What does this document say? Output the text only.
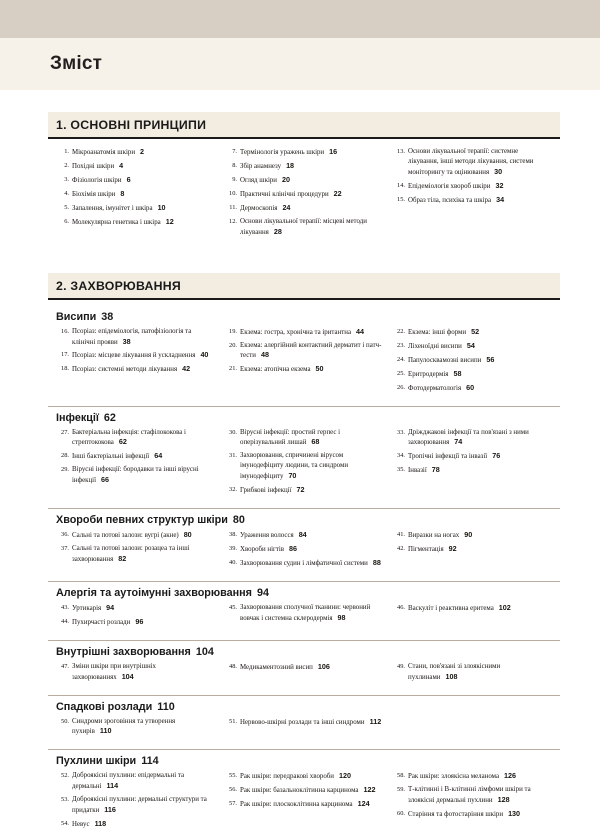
Зміст
1. ОСНОВНІ ПРИНЦИПИ
1. Мікроанатомія шкіри 2
2. Похідні шкіри 4
3. Фізіологія шкіри 6
4. Біохімія шкіри 8
5. Запалення, імунітет і шкіра 10
6. Молекулярна генетика і шкіра 12
7. Термінологія уражень шкіри 16
8. Збір анамнезу 18
9. Огляд шкіри 20
10. Практичні клінічні процедури 22
11. Дермоскопія 24
12. Основи лікувальної терапії: місцеві методи лікування 28
13. Основи лікувальної терапії: системне лікування, інші методи лікування, системи моніторингу та оцінювання 30
14. Епідеміологія хвороб шкіри 32
15. Образ тіла, психіка та шкіра 34
2. ЗАХВОРЮВАННЯ
Висипи 38
16. Псоріаз: епідеміологія, патофізіологія та клінічні прояви 38
17. Псоріаз: місцеве лікування й ускладнення 40
18. Псоріаз: системні методи лікування 42
19. Екзема: гостра, хронічна та іритантна 44
20. Екзема: алергійний контактний дерматит і патч-тести 48
21. Екзема: атопічна екзема 50
22. Екзема: інші форми 52
23. Ліхеноїдні висипи 54
24. Папулосквамозні висипи 56
25. Еритродермія 58
26. Фотодерматологія 60
Інфекції 62
27. Бактеріальна інфекція: стафілококова і стрептококова 62
28. Інші бактеріальні інфекції 64
29. Вірусні інфекції: бородавки та інші вірусні інфекції 66
30. Вірусні інфекції: простий герпес і оперізувальний лишай 68
31. Захворювання, спричинені вірусом імунодефіциту людини, та синдроми імунодефіциту 70
32. Грибкові інфекції 72
33. Дріжджакові інфекції та пов'язані з ними захворювання 74
34. Тропічні інфекції та інвазії 76
35. Інвазії 78
Хвороби певних структур шкіри 80
36. Сальні та потові залози: вугрі (акне) 80
37. Сальні та потові залози: розацеа та інші захворювання 82
38. Ураження волосся 84
39. Хвороби нігтів 86
40. Захворювання судин і лімфатичної системи 88
41. Виразки на ногах 90
42. Пігментація 92
Алергія та аутоімунні захворювання 94
43. Уртикарія 94
44. Пухирчасті розлади 96
45. Захворювання сполучної тканини: червоний вовчак і системна склеродермія 98
46. Васкуліт і реактивна еритема 102
Внутрішні захворювання 104
47. Зміни шкіри при внутрішніх захворюваннях 104
48. Медикаментозний висип 106	49. Стани, пов'язані зі злоякісними пухлинами 108
Спадкові розлади 110
50. Синдроми зроговіння та утворення пухирів 110
51. Нервово-шкірні розлади та інші синдроми 112
Пухлини шкіри 114
52. Доброякісні пухлини: епідермальні та дермальні 114
53. Доброякісні пухлини: дермальні структури та придатки 116
54. Невус 118
55. Рак шкіри: передракові хвороби 120
56. Рак шкіри: базальноклітинна карцинома 122
57. Рак шкіри: плоскоклітинна карцинома 124
58. Рак шкіри: злоякісна меланома 126
59. Т-клітинні і В-клітинні лімфоми шкіри та злоякісні дермальні пухлини 128
60. Старіння та фотостаріння шкіри 130
